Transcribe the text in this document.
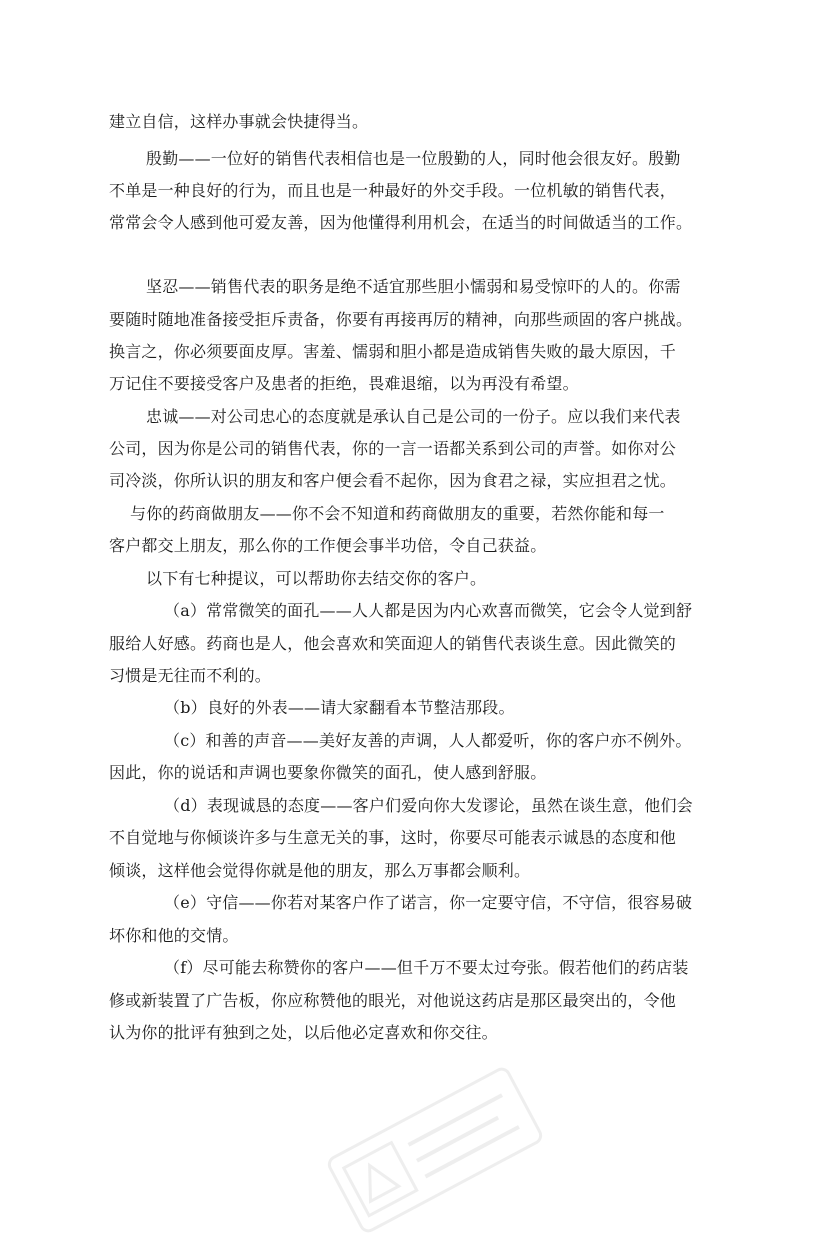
建立自信，这样办事就会快捷得当。
殷勤——一位好的销售代表相信也是一位殷勤的人，同时他会很友好。殷勤
不单是一种良好的行为，而且也是一种最好的外交手段。一位机敏的销售代表，
常常会令人感到他可爱友善，因为他懂得利用机会，在适当的时间做适当的工作。
坚忍——销售代表的职务是绝不适宜那些胆小懦弱和易受惊吓的人的。你需
要随时随地准备接受拒斥责备，你要有再接再厉的精神，向那些顽固的客户挑战。
换言之，你必须要面皮厚。害羞、懦弱和胆小都是造成销售失败的最大原因，千
万记住不要接受客户及患者的拒绝，畏难退缩，以为再没有希望。
忠诚——对公司忠心的态度就是承认自己是公司的一份子。应以我们来代表
公司，因为你是公司的销售代表，你的一言一语都关系到公司的声誉。如你对公
司冷淡，你所认识的朋友和客户便会看不起你，因为食君之禄，实应担君之忧。
与你的药商做朋友——你不会不知道和药商做朋友的重要，若然你能和每一
客户都交上朋友，那么你的工作便会事半功倍，令自己获益。
以下有七种提议，可以帮助你去结交你的客户。
（a）常常微笑的面孔——人人都是因为内心欢喜而微笑，它会令人觉到舒
服给人好感。药商也是人，他会喜欢和笑面迎人的销售代表谈生意。因此微笑的
习惯是无往而不利的。
（b）良好的外表——请大家翻看本节整洁那段。
（c）和善的声音——美好友善的声调，人人都爱听，你的客户亦不例外。
因此，你的说话和声调也要象你微笑的面孔，使人感到舒服。
（d）表现诚恳的态度——客户们爱向你大发谬论，虽然在谈生意，他们会
不自觉地与你倾谈许多与生意无关的事，这时，你要尽可能表示诚恳的态度和他
倾谈，这样他会觉得你就是他的朋友，那么万事都会顺利。
（e）守信——你若对某客户作了诺言，你一定要守信，不守信，很容易破
坏你和他的交情。
（f）尽可能去称赞你的客户——但千万不要太过夸张。假若他们的药店装
修或新装置了广告板，你应称赞他的眼光，对他说这药店是那区最突出的，令他
认为你的批评有独到之处，以后他必定喜欢和你交往。
